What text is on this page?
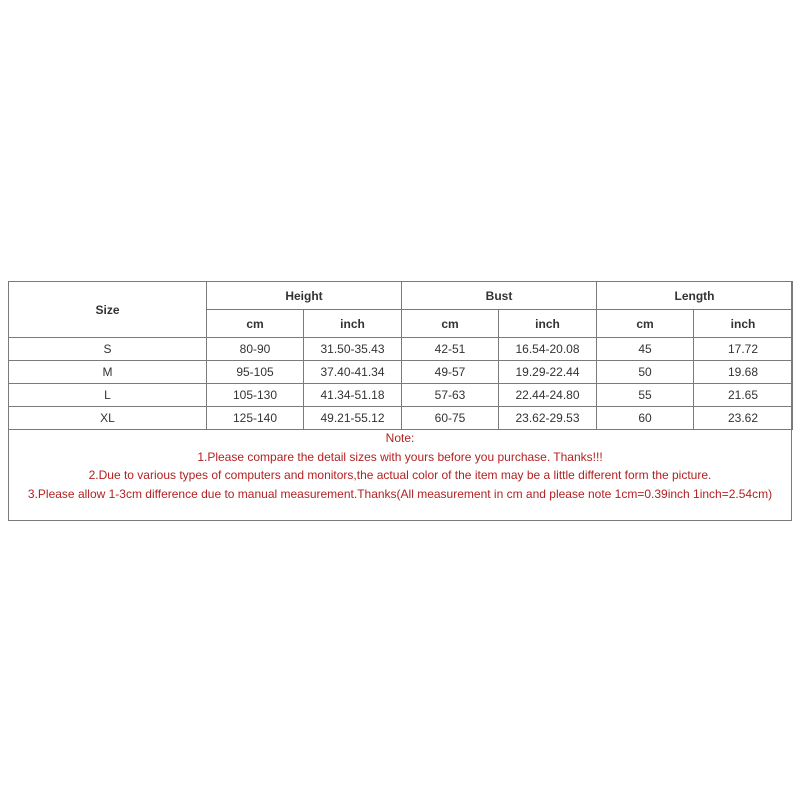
Size	Height		Bust		Length	
	cm	inch	cm	inch	cm	inch
S	80-90	31.50-35.43	42-51	16.54-20.08	45	17.72
M	95-105	37.40-41.34	49-57	19.29-22.44	50	19.68
L	105-130	41.34-51.18	57-63	22.44-24.80	55	21.65
XL	125-140	49.21-55.12	60-75	23.62-29.53	60	23.62
Note:
1.Please compare the detail sizes with yours before you purchase. Thanks!!!
2.Due to various types of computers and monitors,the actual color of the item may be a little different form the picture.
3.Please allow 1-3cm difference due to manual measurement.Thanks(All measurement in cm and please note 1cm=0.39inch 1inch=2.54cm)
